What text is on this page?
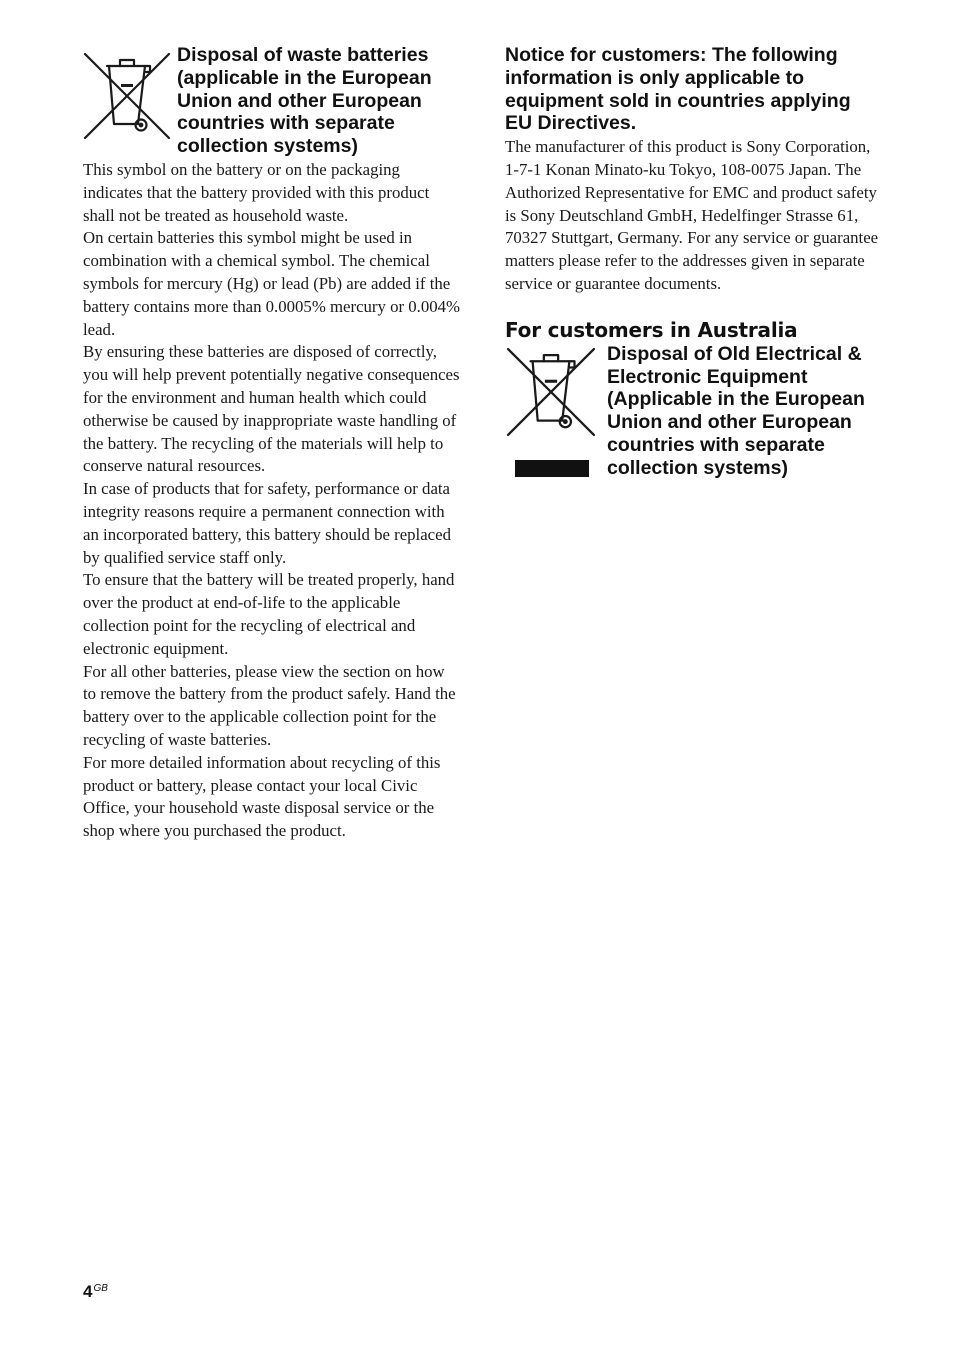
Disposal of waste batteries (applicable in the European Union and other European countries with separate collection systems)

This symbol on the battery or on the packaging indicates that the battery provided with this product shall not be treated as household waste.

On certain batteries this symbol might be used in combination with a chemical symbol. The chemical symbols for mercury (Hg) or lead (Pb) are added if the battery contains more than 0.0005% mercury or 0.004% lead.

By ensuring these batteries are disposed of correctly, you will help prevent potentially negative consequences for the environment and human health which could otherwise be caused by inappropriate waste handling of the battery. The recycling of the materials will help to conserve natural resources.

In case of products that for safety, performance or data integrity reasons require a permanent connection with an incorporated battery, this battery should be replaced by qualified service staff only.

To ensure that the battery will be treated properly, hand over the product at end-of-life to the applicable collection point for the recycling of electrical and electronic equipment.

For all other batteries, please view the section on how to remove the battery from the product safely. Hand the battery over to the applicable collection point for the recycling of waste batteries.

For more detailed information about recycling of this product or battery, please contact your local Civic Office, your household waste disposal service or the shop where you purchased the product.

Notice for customers: The following information is only applicable to equipment sold in countries applying EU Directives.

The manufacturer of this product is Sony Corporation, 1-7-1 Konan Minato-ku Tokyo, 108-0075 Japan. The Authorized Representative for EMC and product safety is Sony Deutschland GmbH, Hedelfinger Strasse 61, 70327 Stuttgart, Germany. For any service or guarantee matters please refer to the addresses given in separate service or guarantee documents.

For customers in Australia
Disposal of Old Electrical & Electronic Equipment (Applicable in the European Union and other European countries with separate collection systems)
$4^{GB}$
